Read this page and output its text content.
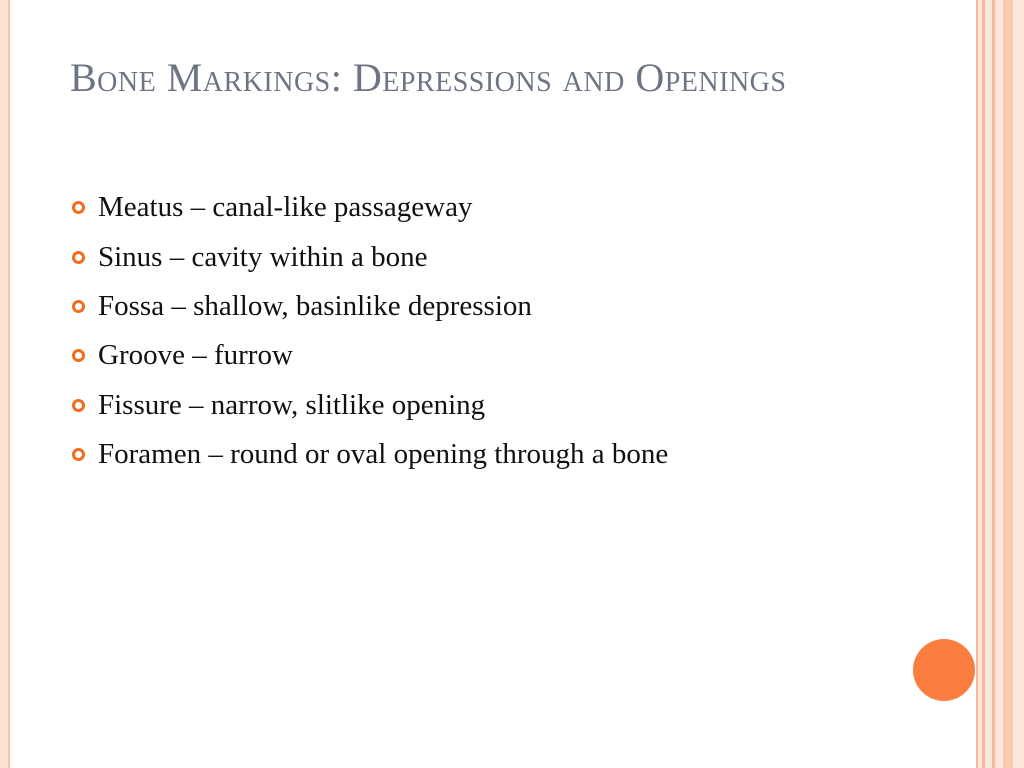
Bone Markings: Depressions and Openings
Meatus – canal-like passageway
Sinus – cavity within a bone
Fossa – shallow, basinlike depression
Groove – furrow
Fissure – narrow, slitlike opening
Foramen – round or oval opening through a bone
